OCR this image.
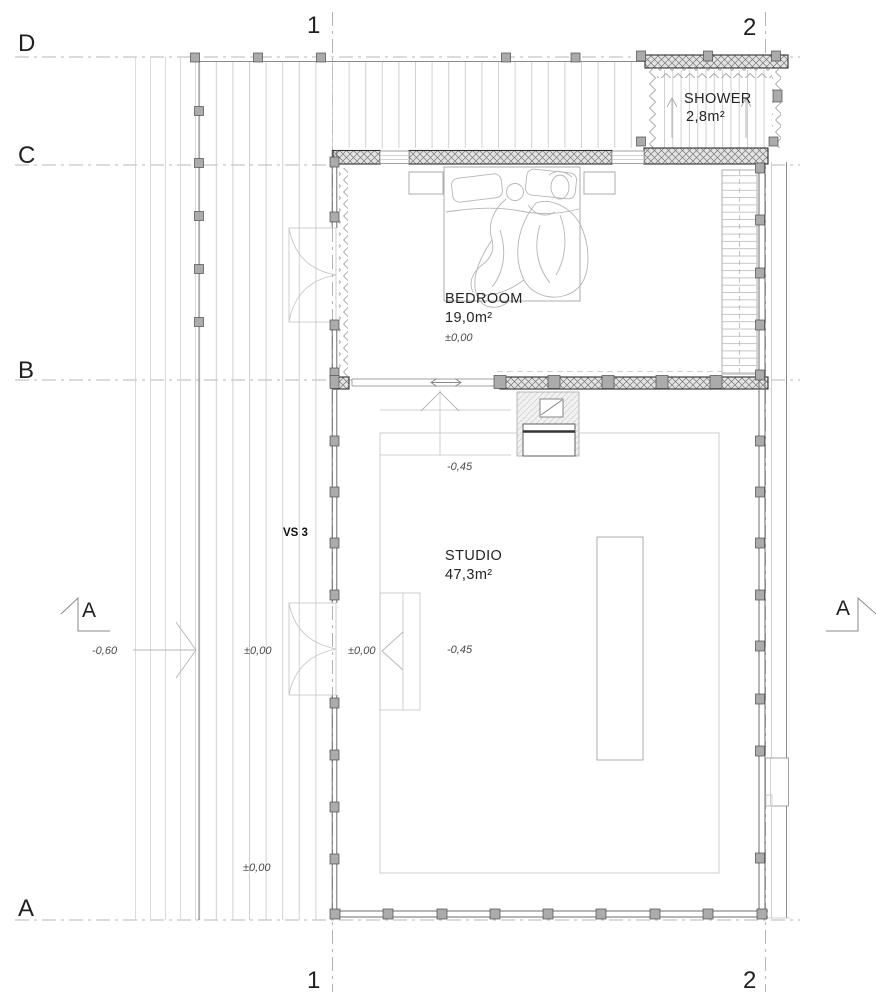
D
C
B
A
1
1
2
2
SHOWER
2,8m²
BEDROOM
19,0m²
±0,00
STUDIO
47,3m²
-0,45
-0,45
-0,60	±0,00	±0,00
±0,00
VS 3
A	A
